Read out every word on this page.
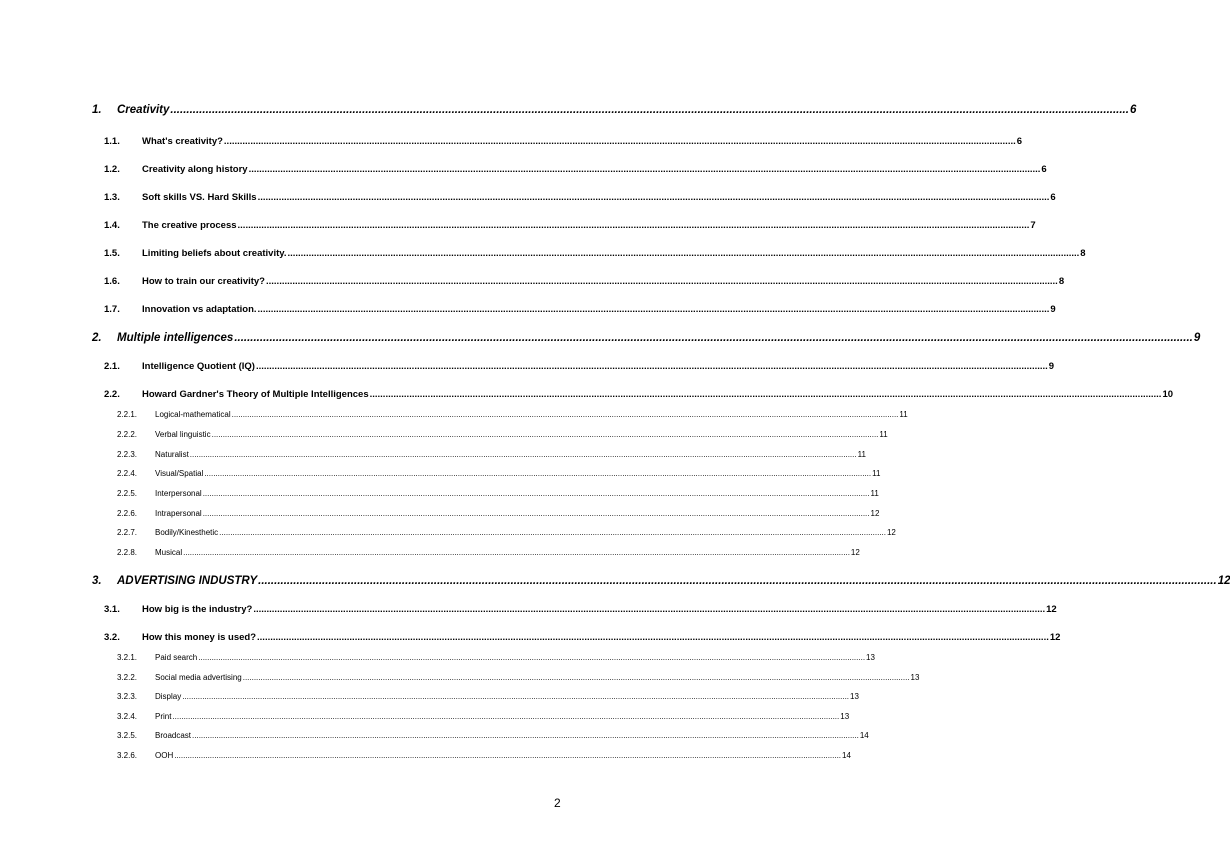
1.	Creativity ............................................................................................................................................................................................................................................................................................................ 6
1.1.	What's creativity? ............................................................................................................................................................................................................................................................................................................ 6
1.2.	Creativity along history ............................................................................................................................................................................................................................................................................................................ 6
1.3.	Soft skills VS. Hard Skills ............................................................................................................................................................................................................................................................................................................ 6
1.4.	The creative process ............................................................................................................................................................................................................................................................................................................ 7
1.5.	Limiting beliefs about creativity. ............................................................................................................................................................................................................................................................................................................ 8
1.6.	How to train our creativity? ............................................................................................................................................................................................................................................................................................................ 8
1.7.	Innovation vs adaptation. ............................................................................................................................................................................................................................................................................................................ 9
2.	Multiple intelligences ............................................................................................................................................................................................................................................................................................................ 9
2.1.	Intelligence Quotient (IQ) ............................................................................................................................................................................................................................................................................................................ 9
2.2.	Howard Gardner's Theory of Multiple Intelligences ............................................................................................................................................................................................................................................................................................................ 10
2.2.1.	Logical-mathematical ............................................................................................................................................................................................................................................................................................................ 11
2.2.2.	Verbal linguistic ............................................................................................................................................................................................................................................................................................................ 11
2.2.3.	Naturalist ............................................................................................................................................................................................................................................................................................................ 11
2.2.4.	Visual/Spatial ............................................................................................................................................................................................................................................................................................................ 11
2.2.5.	Interpersonal ............................................................................................................................................................................................................................................................................................................ 11
2.2.6.	Intrapersonal ............................................................................................................................................................................................................................................................................................................ 12
2.2.7.	Bodily/Kinesthetic ............................................................................................................................................................................................................................................................................................................ 12
2.2.8.	Musical ............................................................................................................................................................................................................................................................................................................ 12
3.	ADVERTISING INDUSTRY ............................................................................................................................................................................................................................................................................................................ 12
3.1.	How big is the industry? ............................................................................................................................................................................................................................................................................................................ 12
3.2.	How this money is used? ............................................................................................................................................................................................................................................................................................................ 12
3.2.1.	Paid search ............................................................................................................................................................................................................................................................................................................ 13
3.2.2.	Social media advertising ............................................................................................................................................................................................................................................................................................................ 13
3.2.3.	Display ............................................................................................................................................................................................................................................................................................................ 13
3.2.4.	Print ............................................................................................................................................................................................................................................................................................................ 13
3.2.5.	Broadcast ............................................................................................................................................................................................................................................................................................................ 14
3.2.6.	OOH ............................................................................................................................................................................................................................................................................................................ 14
2
